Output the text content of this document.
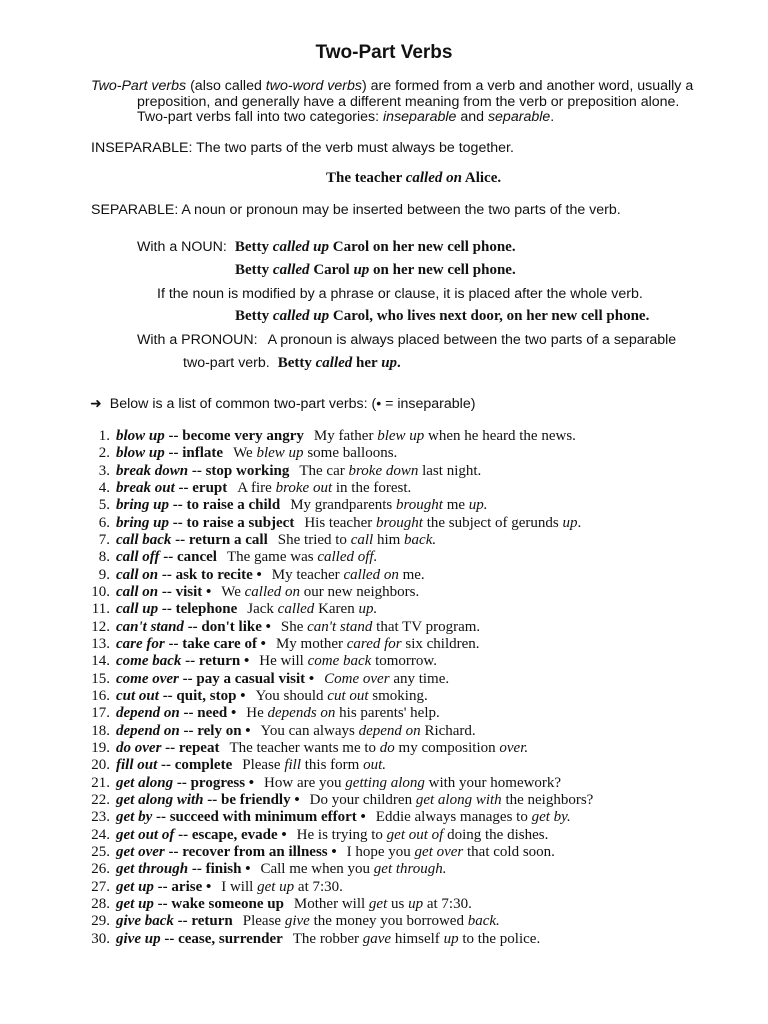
Two-Part Verbs
Two-Part verbs (also called two-word verbs) are formed from a verb and another word, usually a
preposition, and generally have a different meaning from the verb or preposition alone.
Two-part verbs fall into two categories: inseparable and separable.
INSEPARABLE: The two parts of the verb must always be together.
The teacher called on Alice.
SEPARABLE: A noun or pronoun may be inserted between the two parts of the verb.
With a NOUN: Betty called up Carol on her new cell phone.
Betty called Carol up on her new cell phone.
If the noun is modified by a phrase or clause, it is placed after the whole verb.
Betty called up Carol, who lives next door, on her new cell phone.
With a PRONOUN: A pronoun is always placed between the two parts of a separable
two-part verb. Betty called her up.
➜ Below is a list of common two-part verbs: (• = inseparable)
1. blow up -- become very angry My father blew up when he heard the news.
2. blow up -- inflate We blew up some balloons.
3. break down -- stop working The car broke down last night.
4. break out -- erupt A fire broke out in the forest.
5. bring up -- to raise a child My grandparents brought me up.
6. bring up -- to raise a subject His teacher brought the subject of gerunds up.
7. call back -- return a call She tried to call him back.
8. call off -- cancel The game was called off.
9. call on -- ask to recite • My teacher called on me.
10. call on -- visit • We called on our new neighbors.
11. call up -- telephone Jack called Karen up.
12. can't stand -- don't like • She can't stand that TV program.
13. care for -- take care of • My mother cared for six children.
14. come back -- return • He will come back tomorrow.
15. come over -- pay a casual visit • Come over any time.
16. cut out -- quit, stop • You should cut out smoking.
17. depend on -- need • He depends on his parents' help.
18. depend on -- rely on • You can always depend on Richard.
19. do over -- repeat The teacher wants me to do my composition over.
20. fill out -- complete Please fill this form out.
21. get along -- progress • How are you getting along with your homework?
22. get along with -- be friendly • Do your children get along with the neighbors?
23. get by -- succeed with minimum effort • Eddie always manages to get by.
24. get out of -- escape, evade • He is trying to get out of doing the dishes.
25. get over -- recover from an illness • I hope you get over that cold soon.
26. get through -- finish • Call me when you get through.
27. get up -- arise • I will get up at 7:30.
28. get up -- wake someone up Mother will get us up at 7:30.
29. give back -- return Please give the money you borrowed back.
30. give up -- cease, surrender The robber gave himself up to the police.
